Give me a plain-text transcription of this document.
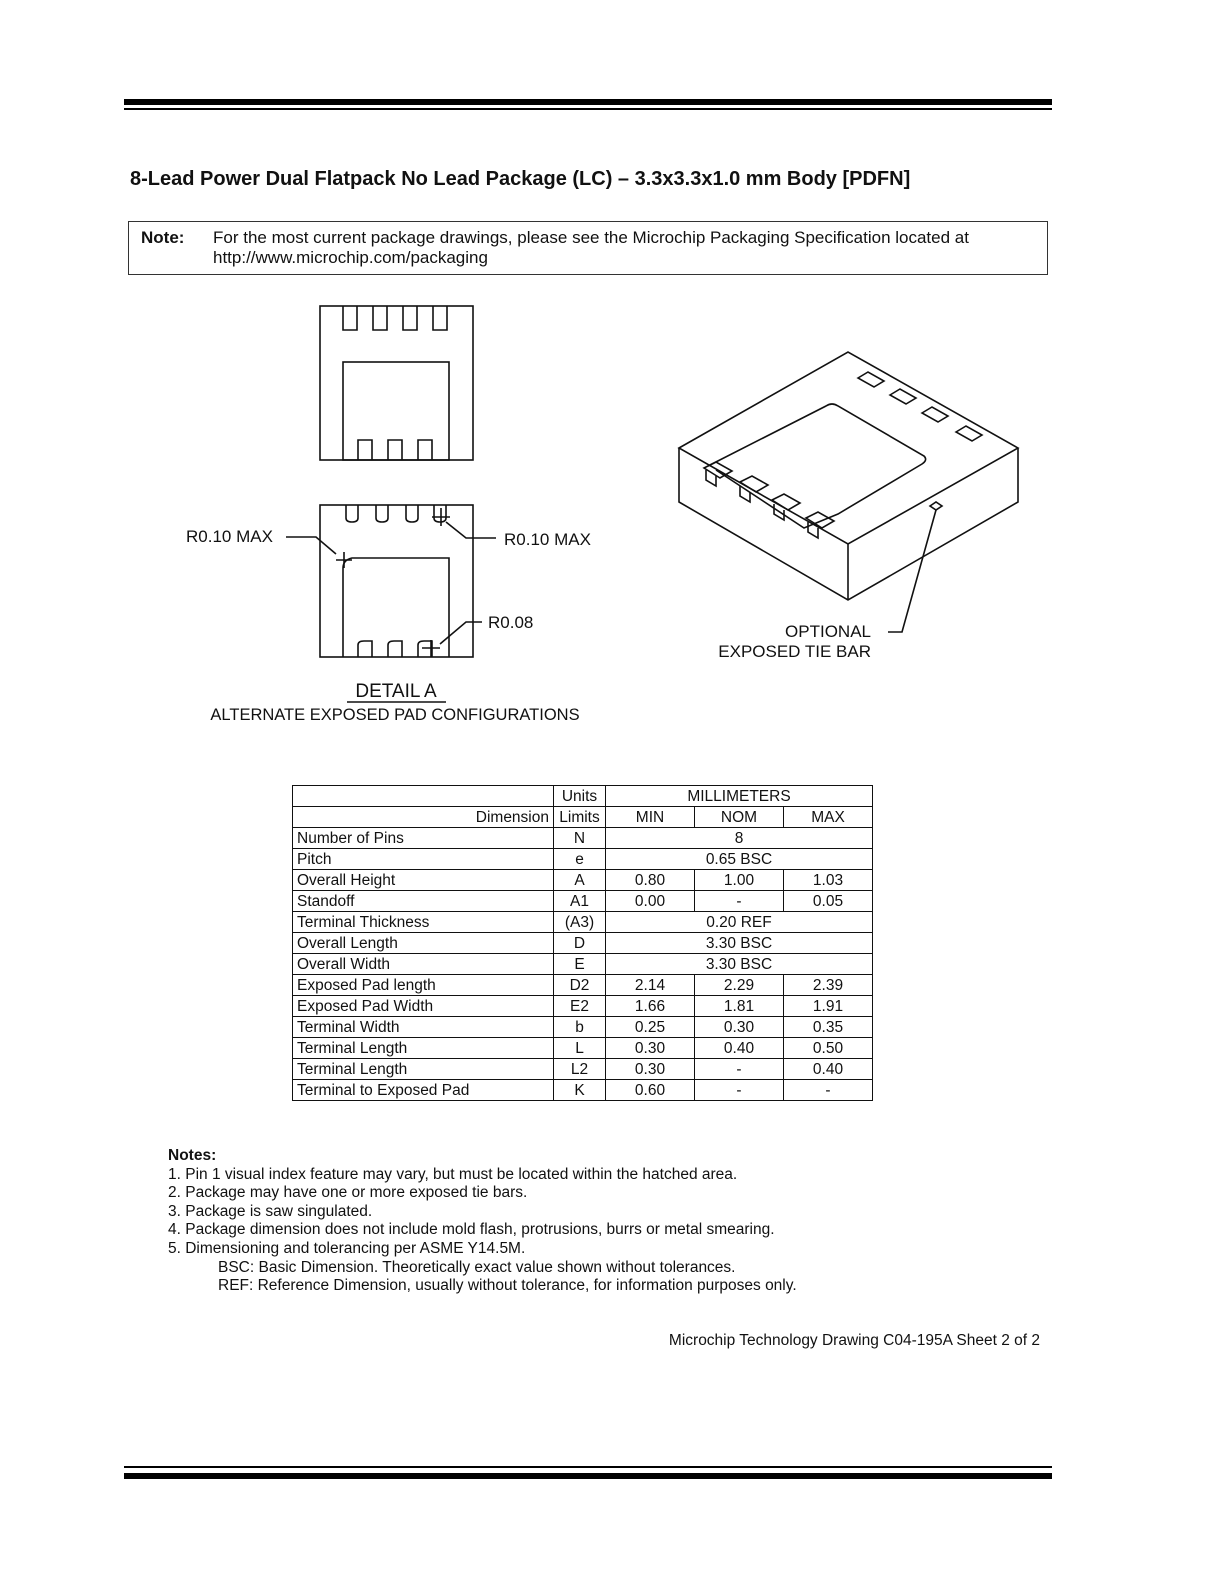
8-Lead Power Dual Flatpack No Lead Package (LC) – 3.3x3.3x1.0 mm Body [PDFN]
Note: For the most current package drawings, please see the Microchip Packaging Specification located at
http://www.microchip.com/packaging
R0.10 MAX	R0.10 MAX
R0.08
DETAIL A
ALTERNATE EXPOSED PAD CONFIGURATIONS
OPTIONAL
EXPOSED TIE BAR
	Units	MILLIMETERS		
Dimension	Limits	MIN	NOM	MAX
Number of Pins	N	8		
Pitch	e	0.65 BSC		
Overall Height	A	0.80	1.00	1.03
Standoff	A1	0.00	-	0.05
Terminal Thickness	(A3)	0.20 REF		
Overall Length	D	3.30 BSC		
Overall Width	E	3.30 BSC		
Exposed Pad length	D2	2.14	2.29	2.39
Exposed Pad Width	E2	1.66	1.81	1.91
Terminal Width	b	0.25	0.30	0.35
Terminal Length	L	0.30	0.40	0.50
Terminal Length	L2	0.30	-	0.40
Terminal to Exposed Pad	K	0.60	-	-
Notes:
1. Pin 1 visual index feature may vary, but must be located within the hatched area.
2. Package may have one or more exposed tie bars.
3. Package is saw singulated.
4. Package dimension does not include mold flash, protrusions, burrs or metal smearing.
5. Dimensioning and tolerancing per ASME Y14.5M.
BSC: Basic Dimension. Theoretically exact value shown without tolerances.
REF: Reference Dimension, usually without tolerance, for information purposes only.
Microchip Technology Drawing C04-195A Sheet 2 of 2
